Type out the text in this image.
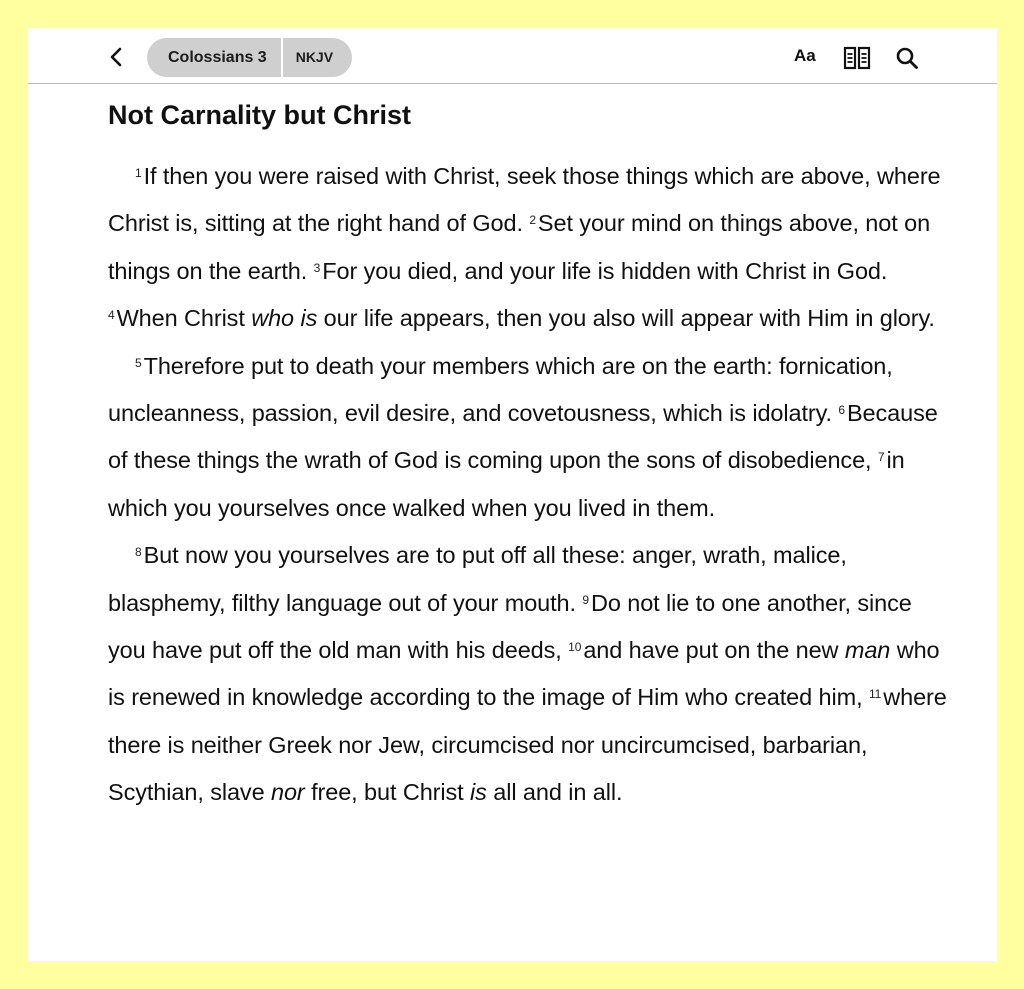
Colossians 3	NKJV	Aa
Not Carnality but Christ

$^1$If then you were raised with Christ, seek those things which are above, where Christ is, sitting at the right hand of God. $^2$Set your mind on things above, not on things on the earth. $^3$For you died, and your life is hidden with Christ in God. $^4$When Christ who is our life appears, then you also will appear with Him in glory.

$^5$Therefore put to death your members which are on the earth: fornication, uncleanness, passion, evil desire, and covetousness, which is idolatry. $^6$Because of these things the wrath of God is coming upon the sons of disobedience, $^7$in which you yourselves once walked when you lived in them.

$^8$But now you yourselves are to put off all these: anger, wrath, malice, blasphemy, filthy language out of your mouth. $^9$Do not lie to one another, since you have put off the old man with his deeds, $^{10}$and have put on the new man who is renewed in knowledge according to the image of Him who created him, $^{11}$where there is neither Greek nor Jew, circumcised nor uncircumcised, barbarian, Scythian, slave nor free, but Christ is all and in all.
